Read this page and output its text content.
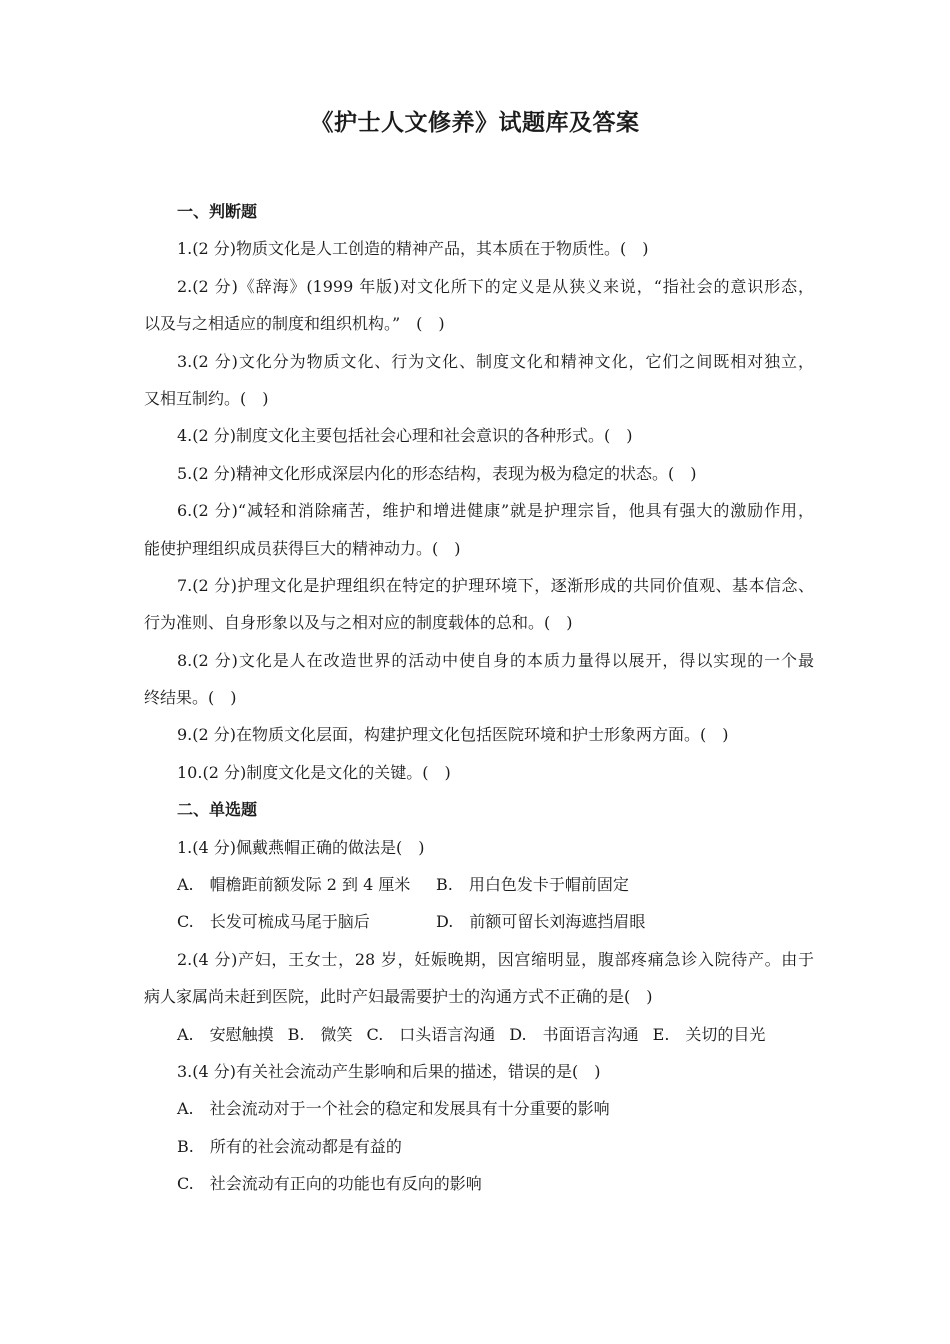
《护士人文修养》试题库及答案
一、判断题
1.(2 分)物质文化是人工创造的精神产品，其本质在于物质性。(　)
2.(2 分)《辞海》(1999 年版)对文化所下的定义是从狭义来说，“指社会的意识形态，
以及与之相适应的制度和组织机构。”　(　)
3.(2 分)文化分为物质文化、行为文化、制度文化和精神文化，它们之间既相对独立，
又相互制约。(　)
4.(2 分)制度文化主要包括社会心理和社会意识的各种形式。(　)
5.(2 分)精神文化形成深层内化的形态结构，表现为极为稳定的状态。(　)
6.(2 分)“减轻和消除痛苦，维护和增进健康”就是护理宗旨，他具有强大的激励作用，
能使护理组织成员获得巨大的精神动力。(　)
7.(2 分)护理文化是护理组织在特定的护理环境下，逐渐形成的共同价值观、基本信念、
行为准则、自身形象以及与之相对应的制度载体的总和。(　)
8.(2 分)文化是人在改造世界的活动中使自身的本质力量得以展开，得以实现的一个最
终结果。(　)
9.(2 分)在物质文化层面，构建护理文化包括医院环境和护士形象两方面。(　)
10.(2 分)制度文化是文化的关键。(　)
二、单选题
1.(4 分)佩戴燕帽正确的做法是(　)
A.　帽檐距前额发际 2 到 4 厘米	B.　用白色发卡于帽前固定
C.　长发可梳成马尾于脑后	D.　前额可留长刘海遮挡眉眼
2.(4 分)产妇，王女士，28 岁，妊娠晚期，因宫缩明显，腹部疼痛急诊入院待产。由于
病人家属尚未赶到医院，此时产妇最需要护士的沟通方式不正确的是(　)
A.　安慰触摸 B.　微笑 C.　口头语言沟通 D.　书面语言沟通 E.　关切的目光
3.(4 分)有关社会流动产生影响和后果的描述，错误的是(　)
A.　社会流动对于一个社会的稳定和发展具有十分重要的影响
B.　所有的社会流动都是有益的
C.　社会流动有正向的功能也有反向的影响
